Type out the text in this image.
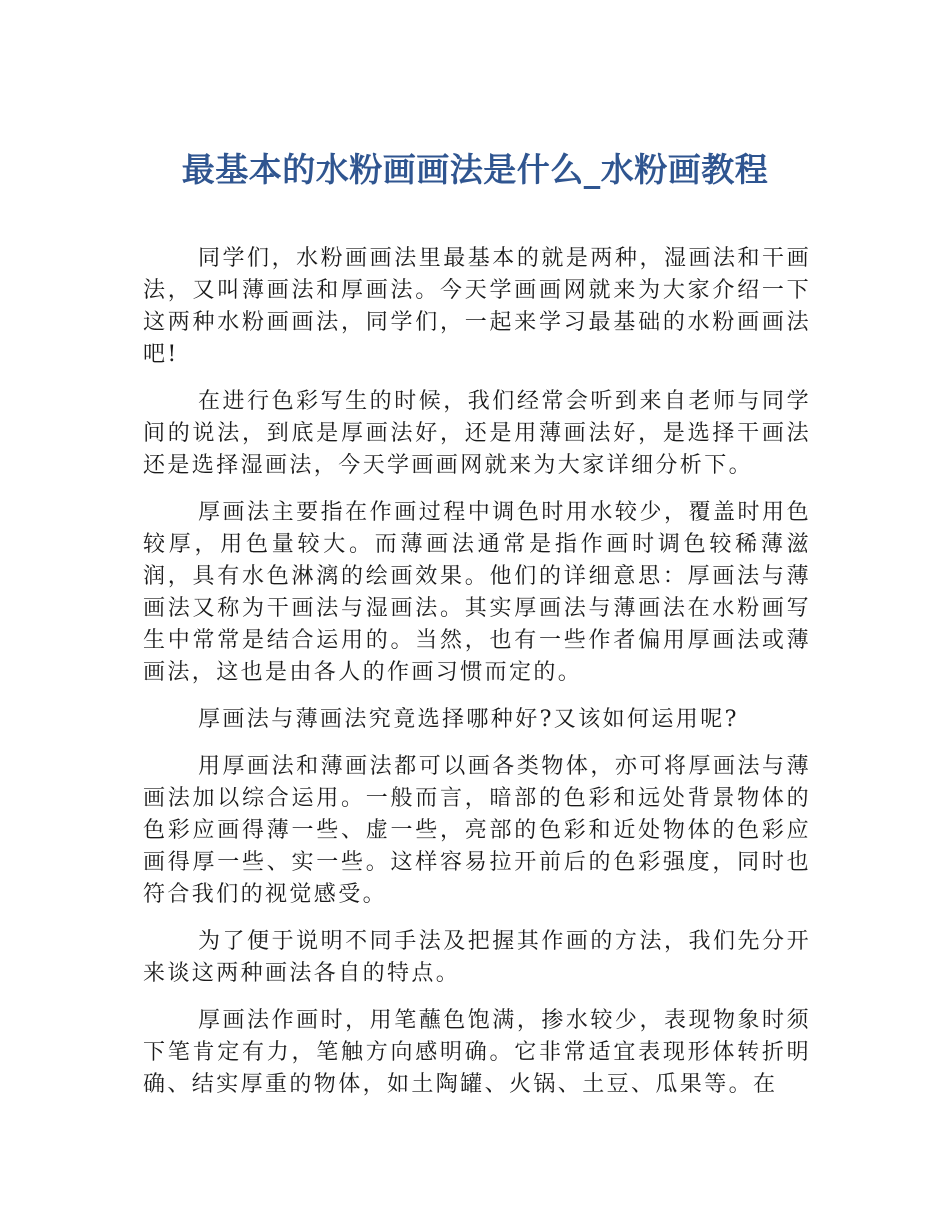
最基本的水粉画画法是什么_水粉画教程

同学们，水粉画画法里最基本的就是两种，湿画法和干画法，又叫薄画法和厚画法。今天学画画网就来为大家介绍一下这两种水粉画画法，同学们，一起来学习最基础的水粉画画法吧!

在进行色彩写生的时候，我们经常会听到来自老师与同学间的说法，到底是厚画法好，还是用薄画法好，是选择干画法还是选择湿画法，今天学画画网就来为大家详细分析下。

厚画法主要指在作画过程中调色时用水较少，覆盖时用色较厚，用色量较大。而薄画法通常是指作画时调色较稀薄滋润，具有水色淋漓的绘画效果。他们的详细意思：厚画法与薄画法又称为干画法与湿画法。其实厚画法与薄画法在水粉画写生中常常是结合运用的。当然，也有一些作者偏用厚画法或薄画法，这也是由各人的作画习惯而定的。

厚画法与薄画法究竟选择哪种好?又该如何运用呢?

用厚画法和薄画法都可以画各类物体，亦可将厚画法与薄画法加以综合运用。一般而言，暗部的色彩和远处背景物体的色彩应画得薄一些、虚一些，亮部的色彩和近处物体的色彩应画得厚一些、实一些。这样容易拉开前后的色彩强度，同时也符合我们的视觉感受。

为了便于说明不同手法及把握其作画的方法，我们先分开来谈这两种画法各自的特点。

厚画法作画时，用笔蘸色饱满，掺水较少，表现物象时须下笔肯定有力，笔触方向感明确。它非常适宜表现形体转折明确、结实厚重的物体，如土陶罐、火锅、土豆、瓜果等。在
